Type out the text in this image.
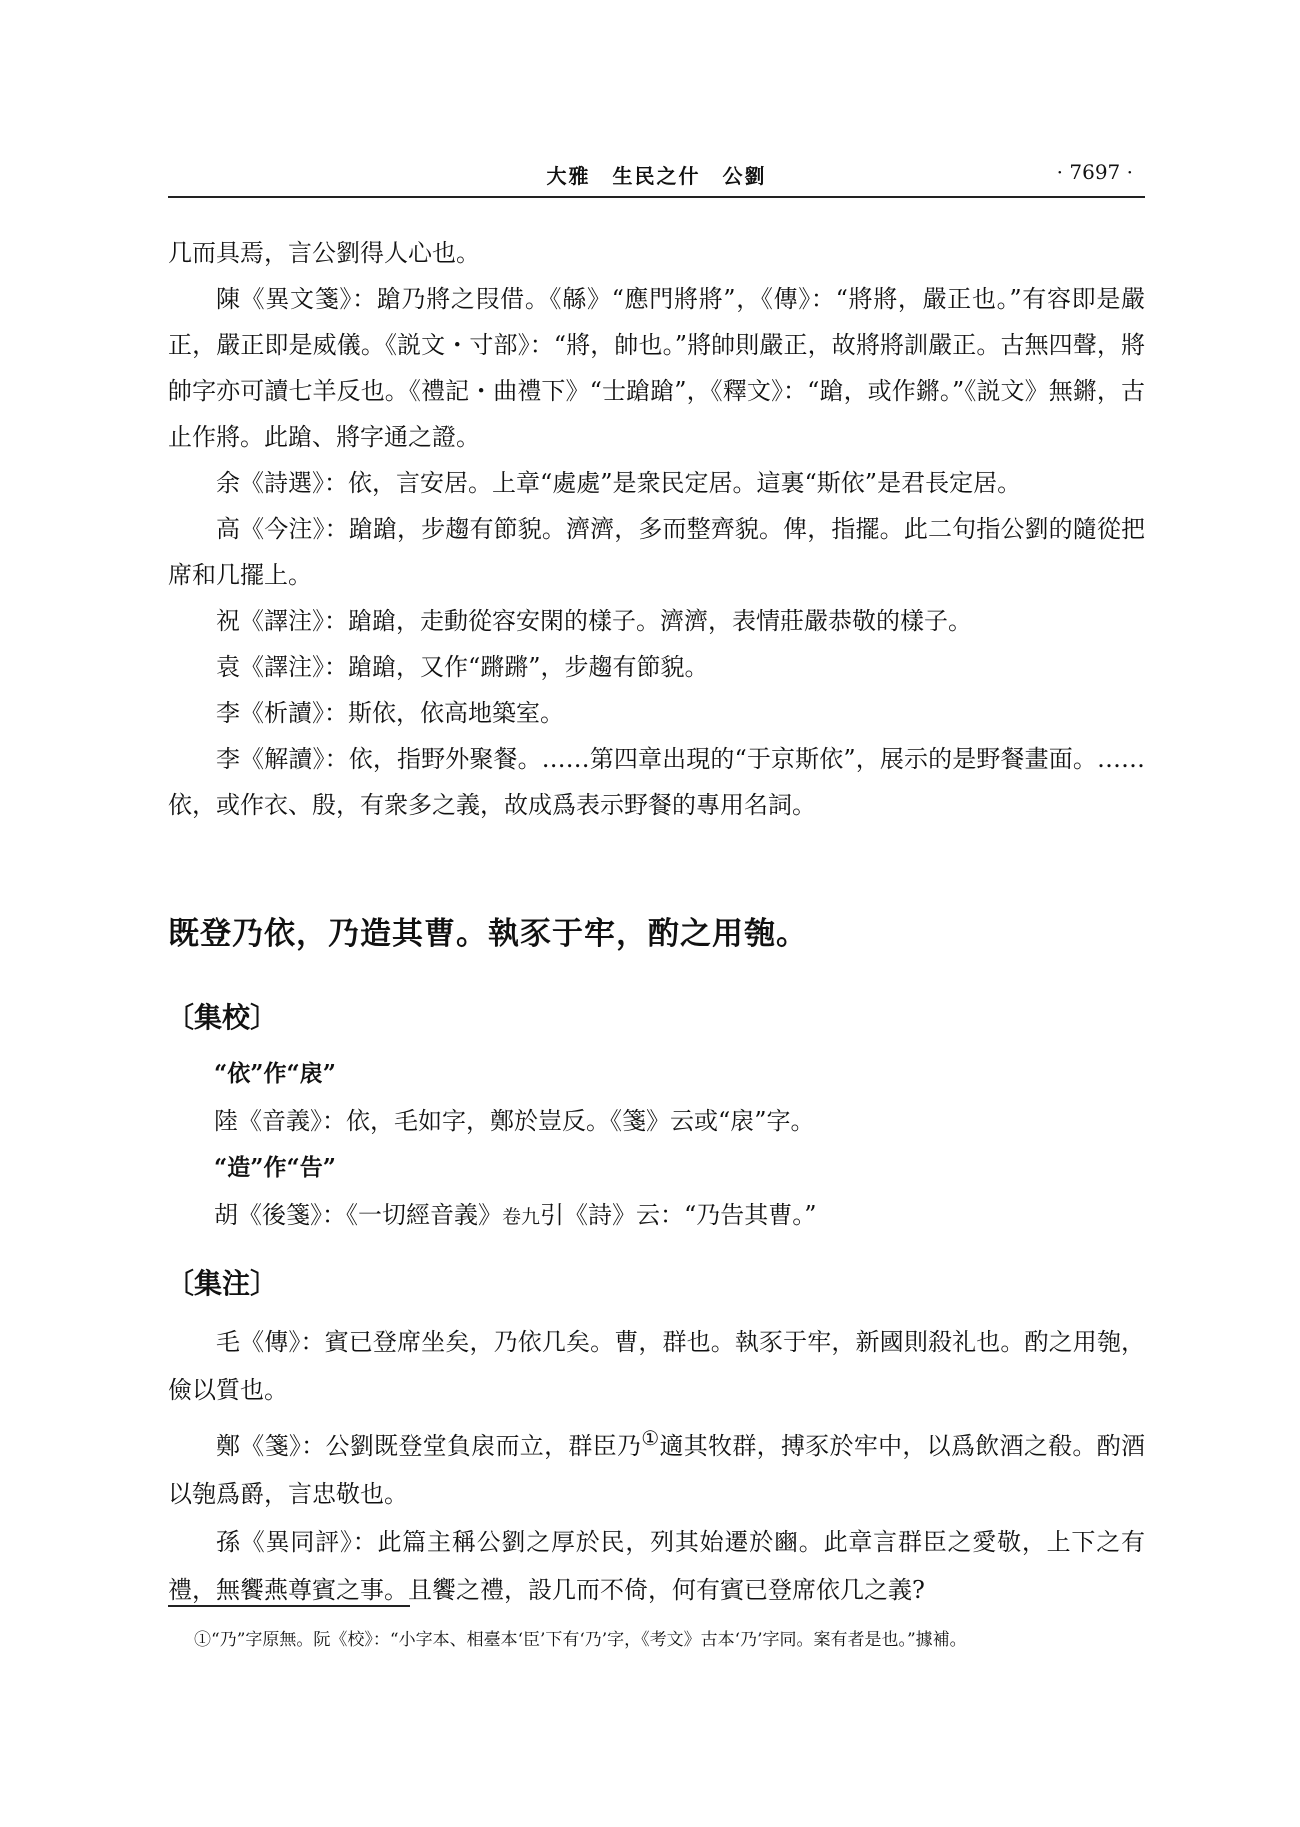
大雅　生民之什　公劉	· 7697 ·

几而具焉，言公劉得人心也。

陳《異文箋》：蹌乃將之叚借。《緜》“應門將將”，《傳》：“將將，嚴正也。”有容即是嚴正，嚴正即是威儀。《説文・寸部》：“將，帥也。”將帥則嚴正，故將將訓嚴正。古無四聲，將帥字亦可讀七羊反也。《禮記・曲禮下》“士蹌蹌”，《釋文》：“蹌，或作鏘。”《説文》無鏘，古止作將。此蹌、將字通之證。

余《詩選》：依，言安居。上章“處處”是衆民定居。這裏“斯依”是君長定居。

高《今注》：蹌蹌，步趨有節貌。濟濟，多而整齊貌。俾，指擺。此二句指公劉的隨從把席和几擺上。

祝《譯注》：蹌蹌，走動從容安閑的樣子。濟濟，表情莊嚴恭敬的樣子。

袁《譯注》：蹌蹌，又作“蹡蹡”，步趨有節貌。

李《析讀》：斯依，依高地築室。

李《解讀》：依，指野外聚餐。……第四章出現的“于京斯依”，展示的是野餐畫面。……依，或作衣、殷，有衆多之義，故成爲表示野餐的專用名詞。

既登乃依，乃造其曹。執豕于牢，酌之用匏。
〔集校〕

“依”作“扆”

陸《音義》：依，毛如字，鄭於豈反。《箋》云或“扆”字。

“造”作“告”

胡《後箋》：《一切經音義》卷九引《詩》云：“乃告其曹。”

〔集注〕

毛《傳》：賓已登席坐矣，乃依几矣。曹，群也。執豕于牢，新國則殺礼也。酌之用匏，儉以質也。

鄭《箋》：公劉既登堂負扆而立，群臣乃①適其牧群，搏豕於牢中，以爲飲酒之殽。酌酒以匏爲爵，言忠敬也。

孫《異同評》：此篇主稱公劉之厚於民，列其始遷於豳。此章言群臣之愛敬，上下之有禮，無饗燕尊賓之事。且饗之禮，設几而不倚，何有賓已登席依几之義?

①“乃”字原無。阮《校》：“小字本、相臺本‘臣’下有‘乃’字，《考文》古本‘乃’字同。案有者是也。”據補。
